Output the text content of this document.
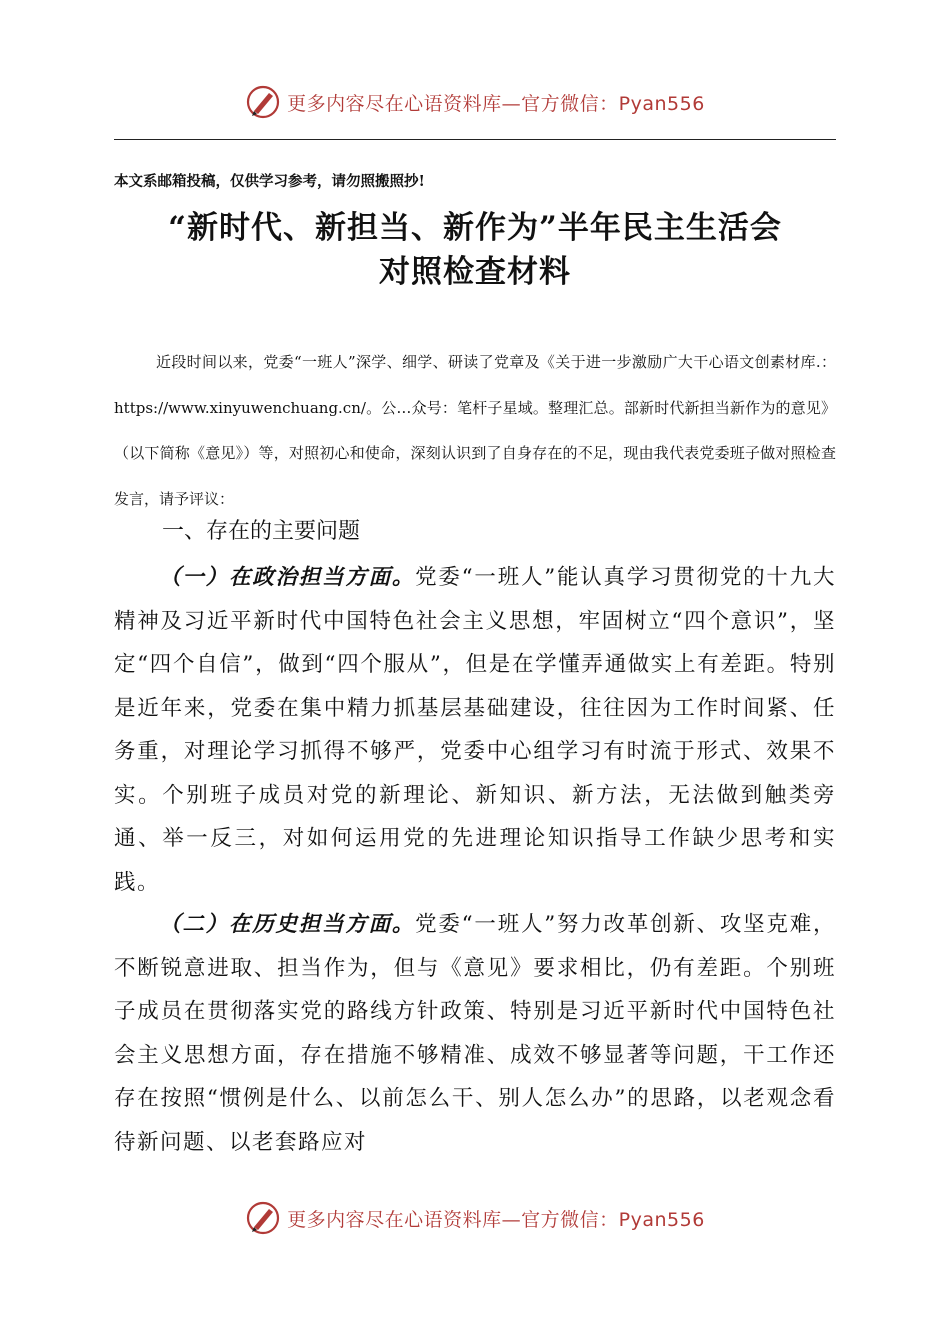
更多内容尽在心语资料库—官方微信：Pyan556
本文系邮箱投稿，仅供学习参考，请勿照搬照抄!
“新时代、新担当、新作为”半年民主生活会
对照检查材料

近段时间以来，党委“一班人”深学、细学、研读了党章及《关于进一步激励广大干心语文创素材库.：https://www.xinyuwenchuang.cn/。公…众号：笔杆子星域。整理汇总。部新时代新担当新作为的意见》（以下简称《意见》）等，对照初心和使命，深刻认识到了自身存在的不足，现由我代表党委班子做对照检查发言，请予评议：

一、存在的主要问题

（一）在政治担当方面。党委“一班人”能认真学习贯彻党的十九大精神及习近平新时代中国特色社会主义思想，牢固树立“四个意识”，坚定“四个自信”，做到“四个服从”，但是在学懂弄通做实上有差距。特别是近年来，党委在集中精力抓基层基础建设，往往因为工作时间紧、任务重，对理论学习抓得不够严，党委中心组学习有时流于形式、效果不实。个别班子成员对党的新理论、新知识、新方法，无法做到触类旁通、举一反三，对如何运用党的先进理论知识指导工作缺少思考和实践。

（二）在历史担当方面。党委“一班人”努力改革创新、攻坚克难，不断锐意进取、担当作为，但与《意见》要求相比，仍有差距。个别班子成员在贯彻落实党的路线方针政策、特别是习近平新时代中国特色社会主义思想方面，存在措施不够精准、成效不够显著等问题，干工作还存在按照“惯例是什么、以前怎么干、别人怎么办”的思路，以老观念看待新问题、以老套路应对

更多内容尽在心语资料库—官方微信：Pyan556
